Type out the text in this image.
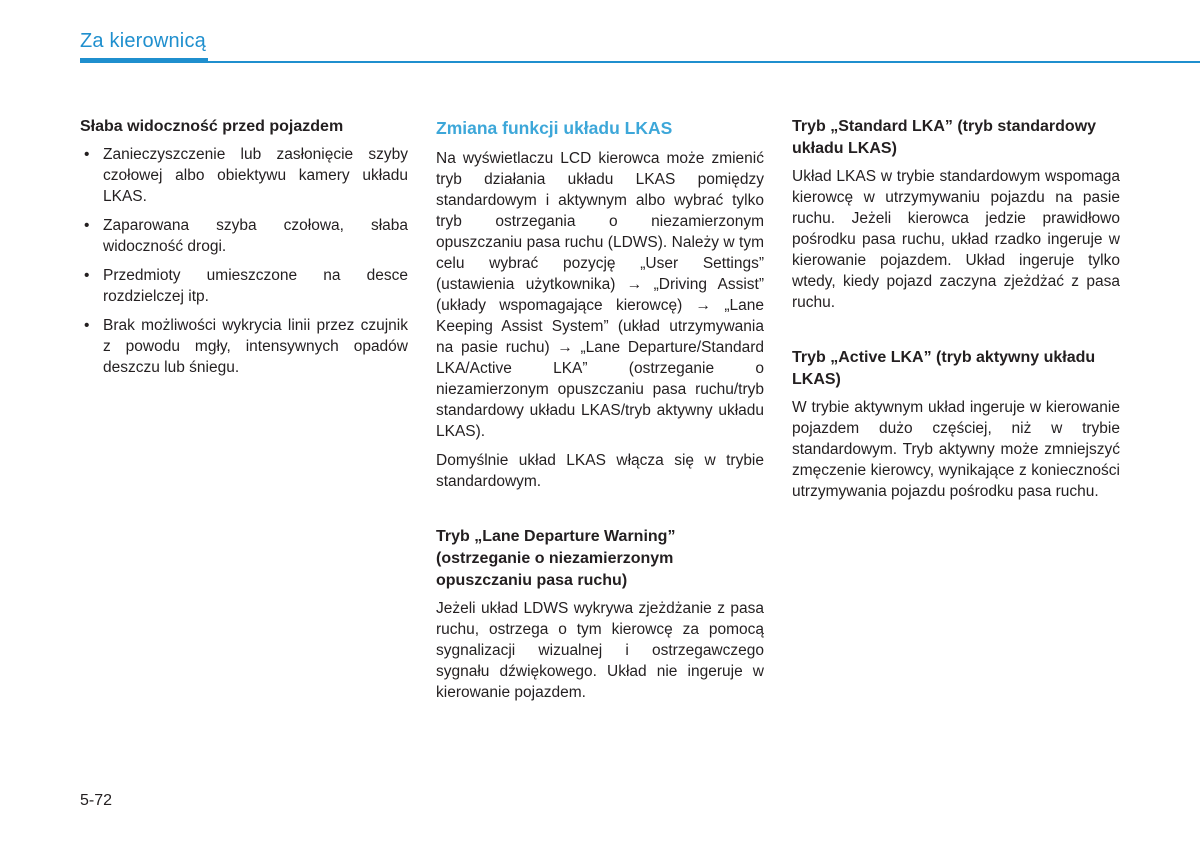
Za kierownicą
Słaba widoczność przed pojazdem
• Zanieczyszczenie lub zasłonięcie szyby czołowej albo obiektywu kamery układu LKAS.
• Zaparowana szyba czołowa, słaba widoczność drogi.
• Przedmioty umieszczone na desce rozdzielczej itp.
• Brak możliwości wykrycia linii przez czujnik z powodu mgły, intensywnych opadów deszczu lub śniegu.
Zmiana funkcji układu LKAS

Na wyświetlaczu LCD kierowca może zmienić tryb działania układu LKAS pomiędzy standardowym i aktywnym albo wybrać tylko tryb ostrzegania o niezamierzonym opuszczaniu pasa ruchu (LDWS). Należy w tym celu wybrać pozycję „User Settings” (ustawienia użytkownika) → „Driving Assist” (układy wspomagające kierowcę) → „Lane Keeping Assist System” (układ utrzymywania na pasie ruchu) → „Lane Departure/Standard LKA/Active LKA” (ostrzeganie o niezamierzonym opuszczaniu pasa ruchu/tryb standardowy układu LKAS/tryb aktywny układu LKAS).

Domyślnie układ LKAS włącza się w trybie standardowym.

Tryb „Lane Departure Warning” (ostrzeganie o niezamierzonym opuszczaniu pasa ruchu)

Jeżeli układ LDWS wykrywa zjeżdżanie z pasa ruchu, ostrzega o tym kierowcę za pomocą sygnalizacji wizualnej i ostrzegawczego sygnału dźwiękowego. Układ nie ingeruje w kierowanie pojazdem.

Tryb „Standard LKA” (tryb standardowy układu LKAS)

Układ LKAS w trybie standardowym wspomaga kierowcę w utrzymywaniu pojazdu na pasie ruchu. Jeżeli kierowca jedzie prawidłowo pośrodku pasa ruchu, układ rzadko ingeruje w kierowanie pojazdem. Układ ingeruje tylko wtedy, kiedy pojazd zaczyna zjeżdżać z pasa ruchu.

Tryb „Active LKA” (tryb aktywny układu LKAS)

W trybie aktywnym układ ingeruje w kierowanie pojazdem dużo częściej, niż w trybie standardowym. Tryb aktywny może zmniejszyć zmęczenie kierowcy, wynikające z konieczności utrzymywania pojazdu pośrodku pasa ruchu.

5-72
